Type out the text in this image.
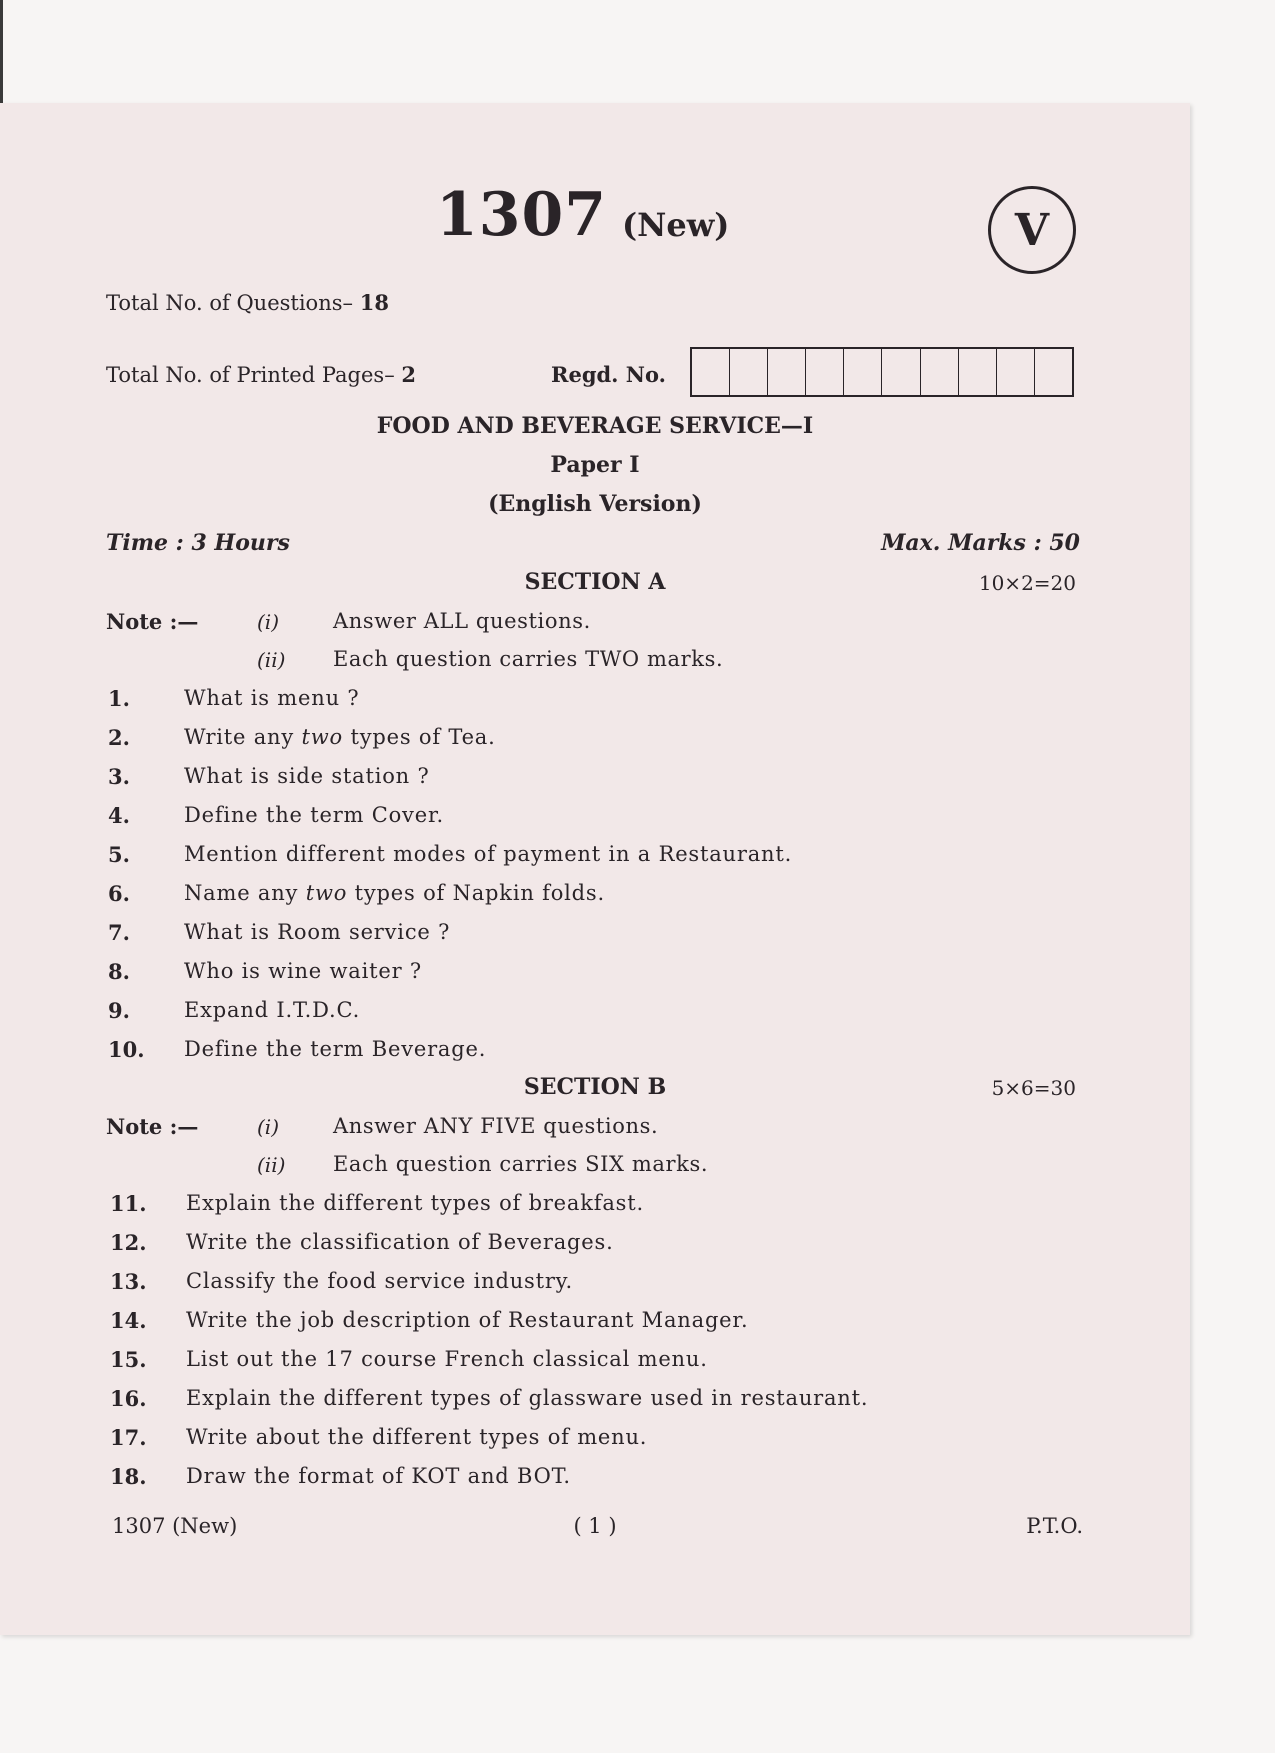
1307 (New)	V
Total No. of Questions– 18
Total No. of Printed Pages– 2	Regd. No.
FOOD AND BEVERAGE SERVICE—I
Paper I
(English Version)
Time : 3 Hours	Max. Marks : 50
SECTION A	10×2=20
Note :—	(i)	Answer ALL questions.
(ii) Each question carries TWO marks.
1.	What is menu ?
2.	Write any two types of Tea.
3.	What is side station ?
4.	Define the term Cover.
5.	Mention different modes of payment in a Restaurant.
6.	Name any two types of Napkin folds.
7.	What is Room service ?
8.	Who is wine waiter ?
9.	Expand I.T.D.C.
10. Define the term Beverage.
SECTION B	5×6=30
Note :—	(i)	Answer ANY FIVE questions.
(ii) Each question carries SIX marks.
11. Explain the different types of breakfast.
12. Write the classification of Beverages.
13. Classify the food service industry.
14. Write the job description of Restaurant Manager.
15. List out the 17 course French classical menu.
16. Explain the different types of glassware used in restaurant.
17. Write about the different types of menu.
18. Draw the format of KOT and BOT.
1307 (New)	( 1 )	P.T.O.
